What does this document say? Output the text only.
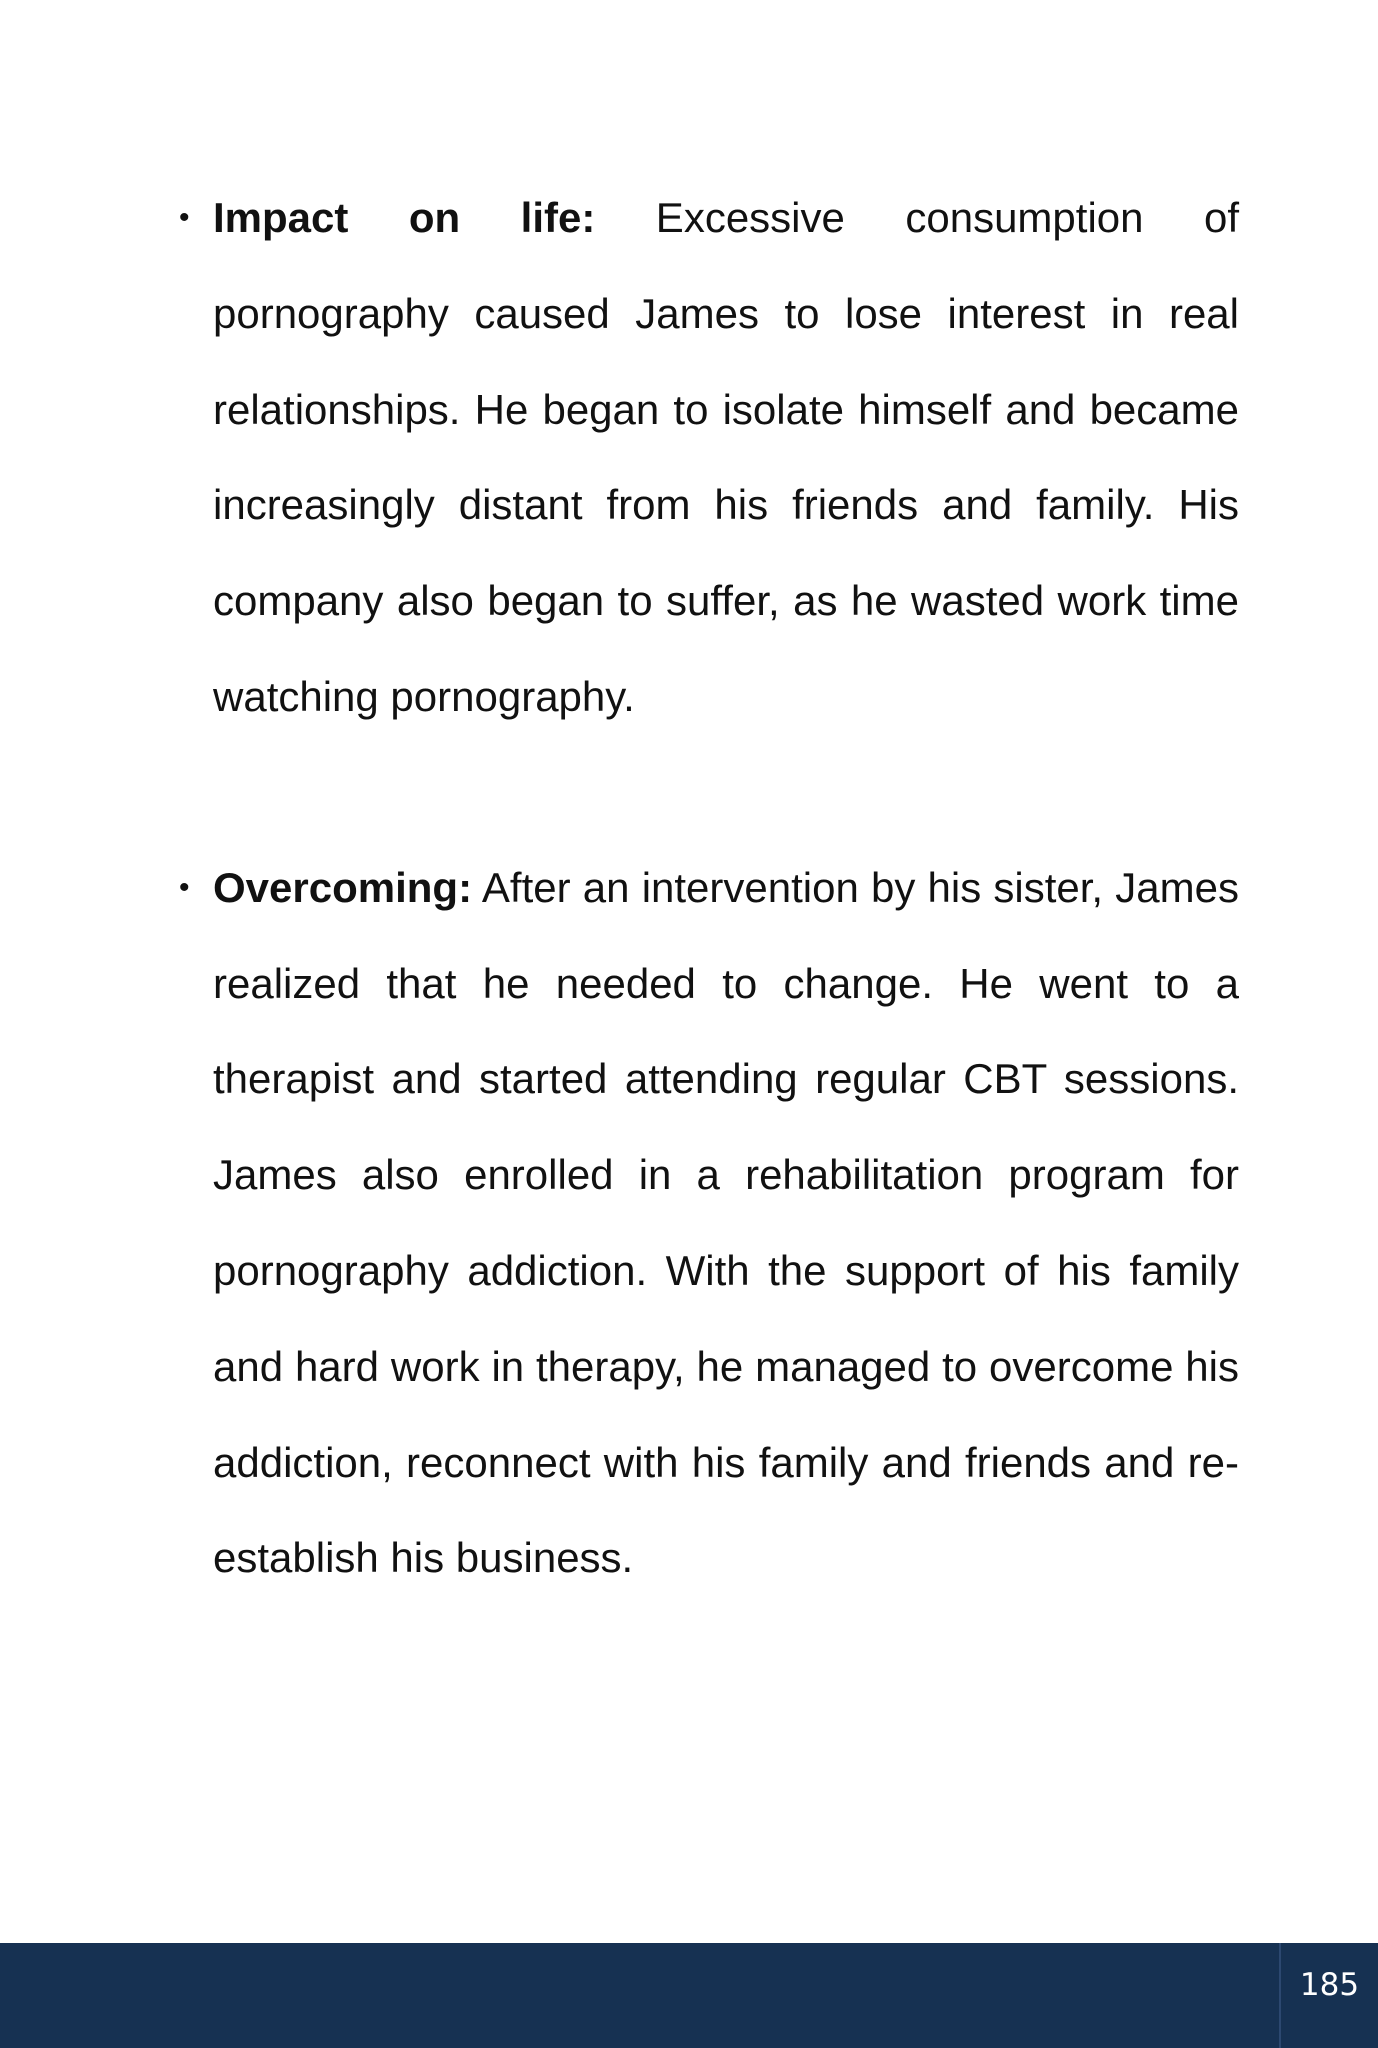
• Impact on life: Excessive consumption of pornography caused James to lose interest in real relationships. He began to isolate himself and became increasingly distant from his friends and family. His company also began to suffer, as he wasted work time watching pornography.
• Overcoming: After an intervention by his sister, James realized that he needed to change. He went to a therapist and started attending regular CBT sessions. James also enrolled in a rehabilitation program for pornography addiction. With the support of his family and hard work in therapy, he managed to overcome his addiction, reconnect with his family and friends and re-establish his business.
185
